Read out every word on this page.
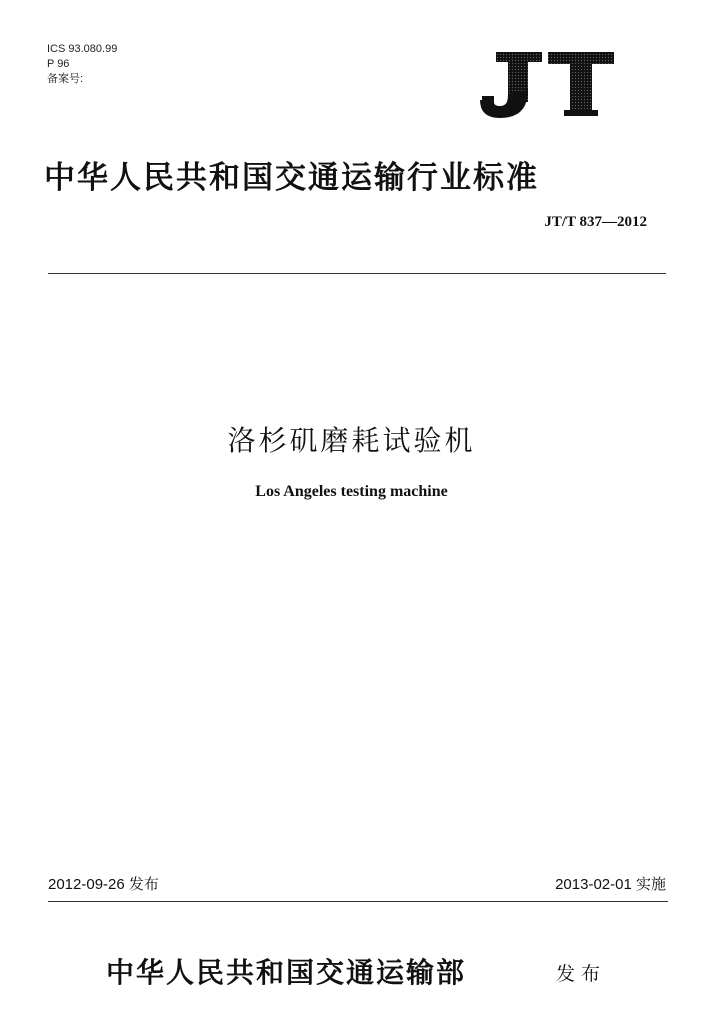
ICS 93.080.99
P 96
备案号:
中华人民共和国交通运输行业标准
JT/T 837—2012
洛杉矶磨耗试验机
Los Angeles testing machine
2012-09-26 发布	2013-02-01 实施
中华人民共和国交通运输部	发布
